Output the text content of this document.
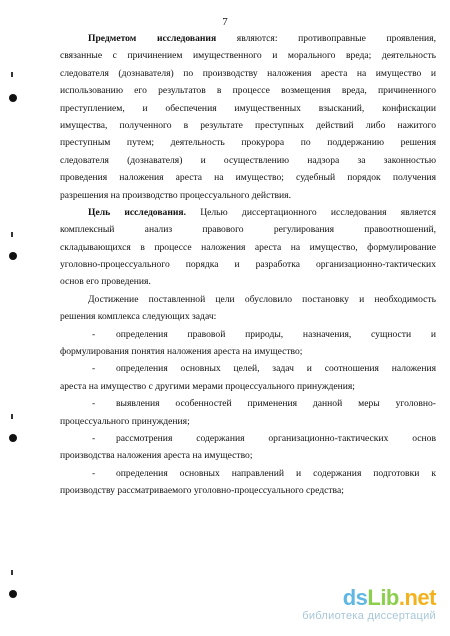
7
Предметом исследования являются: противоправные проявления,
связанные с причинением имущественного и морального вреда; деятельность
следователя (дознавателя) по производству наложения ареста на имущество и
использованию его результатов в процессе возмещения вреда, причиненного
преступлением, и обеспечения имущественных взысканий, конфискации
имущества, полученного в результате преступных действий либо нажитого
преступным путем; деятельность прокурора по поддержанию решения
следователя (дознавателя) и осуществлению надзора за законностью
проведения наложения ареста на имущество; судебный порядок получения
разрешения на производство процессуального действия.
Цель исследования. Целью диссертационного исследования является
комплексный анализ правового регулирования правоотношений,
складывающихся в процессе наложения ареста на имущество, формулирование
уголовно-процессуального порядка и разработка организационно-тактических
основ его проведения.
Достижение поставленной цели обусловило постановку и необходимость
решения комплекса следующих задач:
- определения правовой природы, назначения, сущности и
формулирования понятия наложения ареста на имущество;
- определения основных целей, задач и соотношения наложения
ареста на имущество с другими мерами процессуального принуждения;
- выявления особенностей применения данной меры уголовно-
процессуального принуждения;
- рассмотрения содержания организационно-тактических основ
производства наложения ареста на имущество;
- определения основных направлений и содержания подготовки к
производству рассматриваемого уголовно-процессуального средства;
dsLib.net
библиотека диссертаций
